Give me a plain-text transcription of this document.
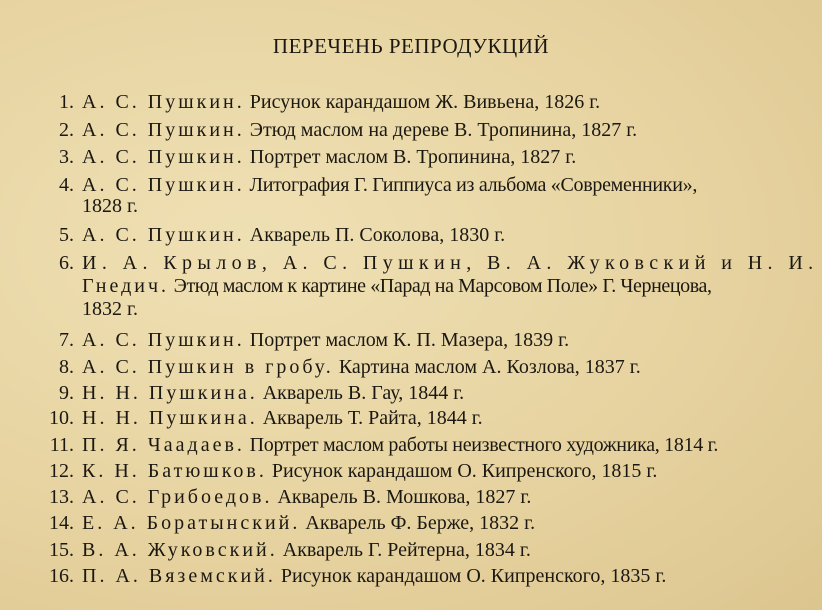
ПЕРЕЧЕНЬ РЕПРОДУКЦИЙ
1. А. С. Пушкин. Рисунок карандашом Ж. Вивьена, 1826 г.
2. А. С. Пушкин. Этюд маслом на дереве В. Тропинина, 1827 г.
3. А. С. Пушкин. Портрет маслом В. Тропинина, 1827 г.
4. А. С. Пушкин. Литография Г. Гиппиуса из альбома «Современники»,
1828 г.
5. А. С. Пушкин. Акварель П. Соколова, 1830 г.
6. И. А. Крылов, А. С. Пушкин, В. А. Жуковский и Н. И.
Гнедич. Этюд маслом к картине «Парад на Марсовом Поле» Г. Чернецова,
1832 г.
7. А. С. Пушкин. Портрет маслом К. П. Мазера, 1839 г.
8. А. С. Пушкин в гробу. Картина маслом А. Козлова, 1837 г.
9. Н. Н. Пушкина. Акварель В. Гау, 1844 г.
10. Н. Н. Пушкина. Акварель Т. Райта, 1844 г.
11. П. Я. Чаадаев. Портрет маслом работы неизвестного художника, 1814 г.
12. К. Н. Батюшков. Рисунок карандашом О. Кипренского, 1815 г.
13. А. С. Грибоедов. Акварель В. Мошкова, 1827 г.
14. Е. А. Боратынский. Акварель Ф. Берже, 1832 г.
15. В. А. Жуковский. Акварель Г. Рейтерна, 1834 г.
16. П. А. Вяземский. Рисунок карандашом О. Кипренского, 1835 г.
